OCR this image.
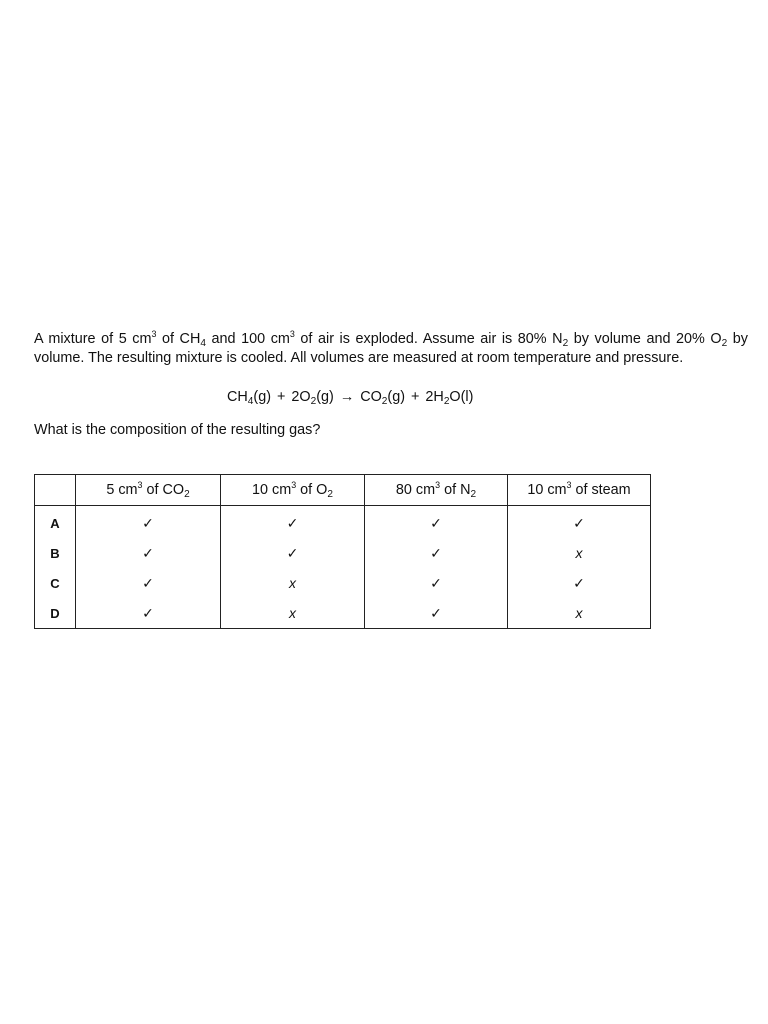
A mixture of 5 $cm^3$ of $CH_4$ and 100 $cm^3$ of air is exploded. Assume air is 80% $N_2$ by volume and 20% $O_2$ by volume. The resulting mixture is cooled. All volumes are measured at room temperature and pressure.

$CH_4(g) + 2O_2(g) \to CO_2(g) + 2H_2O(l)$

What is the composition of the resulting gas?

	5 $cm^3$ of $CO_2$	10 $cm^3$ of $O_2$	80 $cm^3$ of $N_2$	10 $cm^3$ of steam
A	✓	✓	✓	✓
B	✓	✓	✓	x
C	✓	x	✓	✓
D	✓	x	✓	x
